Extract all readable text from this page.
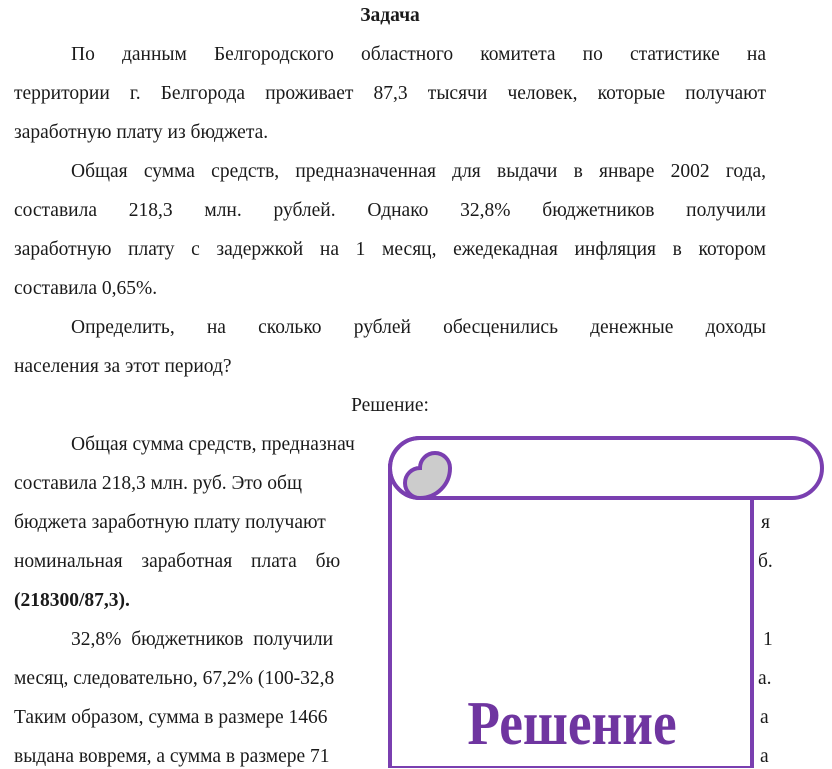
Задача
По данным Белгородского областного комитета по статистике на
территории г. Белгорода проживает 87,3 тысячи человек, которые получают
заработную плату из бюджета.
Общая сумма средств, предназначенная для выдачи в январе 2002 года,
составила 218,3 млн. рублей. Однако 32,8% бюджетников получили
заработную плату с задержкой на 1 месяц, ежедекадная инфляция в котором
составила 0,65%.
Определить, на сколько рублей обесценились денежные доходы
населения за этот период?
Решение:
Общая сумма средств, предназнач
составила 218,3 млн. руб. Это общ
бюджета заработную плату получают
номинальная заработная плата бю
(218300/87,3).
32,8% бюджетников получили
месяц, следовательно, 67,2% (100-32,8
Таким образом, сумма в размере 1466
выдана вовремя, а сумма в размере 71
я
б.
1
а.
а
а
Решение
